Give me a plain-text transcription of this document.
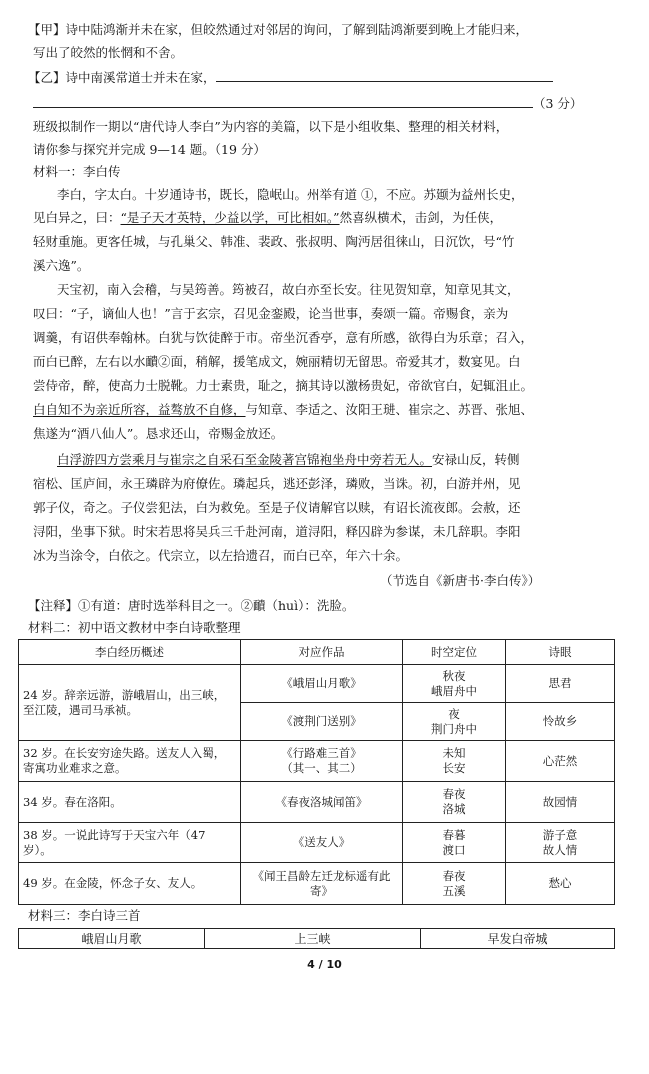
【甲】诗中陆鸿渐并未在家，但皎然通过对邻居的询问，了解到陆鸿渐要到晚上才能归来，
写出了皎然的怅惘和不舍。
【乙】诗中南溪常道士并未在家，
（3 分）
班级拟制作一期以“唐代诗人李白”为内容的美篇，以下是小组收集、整理的相关材料，
请你参与探究并完成 9—14 题。（19 分）
材料一：李白传
李白，字太白。十岁通诗书，既长，隐岷山。州举有道 ①，不应。苏颋为益州长史，
见白异之，曰：“是子天才英特，少益以学，可比相如。”然喜纵横术，击剑，为任侠，
轻财重施。更客任城，与孔巢父、韩准、裴政、张叔明、陶沔居徂徕山，日沉饮，号“竹
溪六逸”。
天宝初，南入会稽，与吴筠善。筠被召，故白亦至长安。往见贺知章，知章见其文，
叹曰：“子，谪仙人也！”言于玄宗，召见金銮殿，论当世事，奏颂一篇。帝赐食，亲为
调羹，有诏供奉翰林。白犹与饮徒醉于市。帝坐沉香亭，意有所感，欲得白为乐章；召入，
而白已醉，左右以水靧②面，稍解，援笔成文，婉丽精切无留思。帝爱其才，数宴见。白
尝侍帝，醉，使高力士脱靴。力士素贵，耻之，摘其诗以激杨贵妃，帝欲官白，妃辄沮止。
白自知不为亲近所容，益骜放不自修，与知章、李适之、汝阳王琎、崔宗之、苏晋、张旭、
焦遂为“酒八仙人”。恳求还山，帝赐金放还。
白浮游四方尝乘月与崔宗之自采石至金陵著宫锦袍坐舟中旁若无人。安禄山反，转侧
宿松、匡庐间，永王璘辟为府僚佐。璘起兵，逃还彭泽，璘败，当诛。初，白游并州，见
郭子仪，奇之。子仪尝犯法，白为救免。至是子仪请解官以赎，有诏长流夜郎。会赦，还
浔阳，坐事下狱。时宋若思将吴兵三千赴河南，道浔阳，释囚辟为参谋，未几辞职。李阳
冰为当涂令，白依之。代宗立，以左拾遗召，而白已卒，年六十余。
（节选自《新唐书·李白传》）
【注释】①有道：唐时选举科目之一。②靧（huì）：洗脸。
材料二：初中语文教材中李白诗歌整理
李白经历概述	对应作品	时空定位	诗眼
24 岁。辞亲远游，游峨眉山，出三峡，至江陵，遇司马承祯。	《峨眉山月歌》	秋夜
峨眉舟中	思君
	《渡荆门送别》	夜
荆门舟中	怜故乡
32 岁。在长安穷途失路。送友人入蜀，寄寓功业难求之意。	《行路难三首》
（其一、其二）	未知
长安	心茫然
34 岁。春在洛阳。	《春夜洛城闻笛》	春夜
洛城	故园情
38 岁。一说此诗写于天宝六年（47 岁）。	《送友人》	春暮
渡口	游子意
故人情
49 岁。在金陵，怀念子女、友人。	《闻王昌龄左迁龙标遥有此寄》	春夜
五溪	愁心
材料三：李白诗三首
峨眉山月歌	上三峡	早发白帝城
4 / 10
